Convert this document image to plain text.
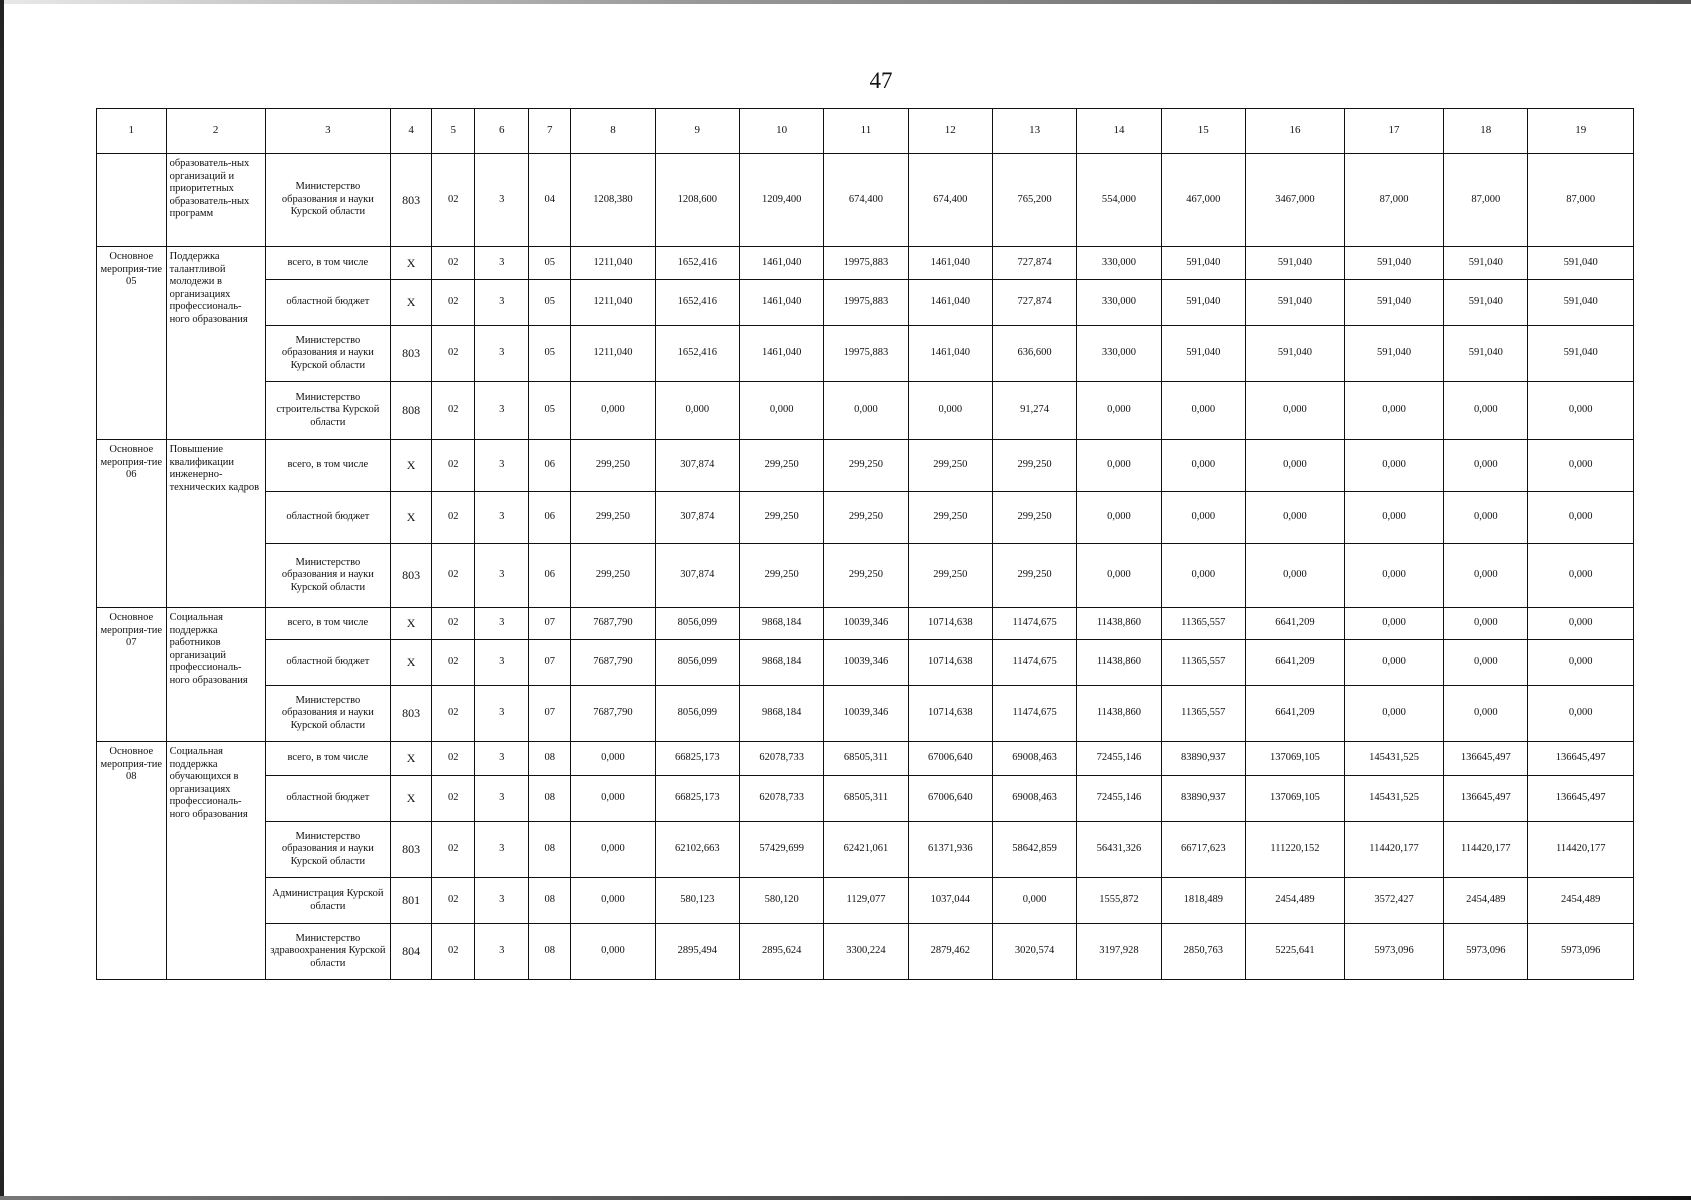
47
1	2	3	4	5	6	7	8	9	10	11	12	13	14	15	16	17	18	19
	образователь-ных организаций и приоритетных образователь-ных программ	Министерство образования и науки Курской области	803	02	3	04	1208,380	1208,600	1209,400	674,400	674,400	765,200	554,000	467,000	3467,000	87,000	87,000	87,000
Основное мероприя-тие 05	Поддержка талантливой молодежи в организациях профессиональ-ного образования	всего, в том числе	X	02	3	05	1211,040	1652,416	1461,040	19975,883	1461,040	727,874	330,000	591,040	591,040	591,040	591,040	591,040
		областной бюджет	X	02	3	05	1211,040	1652,416	1461,040	19975,883	1461,040	727,874	330,000	591,040	591,040	591,040	591,040	591,040
		Министерство образования и науки Курской области	803	02	3	05	1211,040	1652,416	1461,040	19975,883	1461,040	636,600	330,000	591,040	591,040	591,040	591,040	591,040
		Министерство строительства Курской области	808	02	3	05	0,000	0,000	0,000	0,000	0,000	91,274	0,000	0,000	0,000	0,000	0,000	0,000
Основное мероприя-тие 06	Повышение квалификации инженерно-технических кадров	всего, в том числе	X	02	3	06	299,250	307,874	299,250	299,250	299,250	299,250	0,000	0,000	0,000	0,000	0,000	0,000
		областной бюджет	X	02	3	06	299,250	307,874	299,250	299,250	299,250	299,250	0,000	0,000	0,000	0,000	0,000	0,000
		Министерство образования и науки Курской области	803	02	3	06	299,250	307,874	299,250	299,250	299,250	299,250	0,000	0,000	0,000	0,000	0,000	0,000
Основное мероприя-тие 07	Социальная поддержка работников организаций профессиональ-ного образования	всего, в том числе	X	02	3	07	7687,790	8056,099	9868,184	10039,346	10714,638	11474,675	11438,860	11365,557	6641,209	0,000	0,000	0,000
		областной бюджет	X	02	3	07	7687,790	8056,099	9868,184	10039,346	10714,638	11474,675	11438,860	11365,557	6641,209	0,000	0,000	0,000
		Министерство образования и науки Курской области	803	02	3	07	7687,790	8056,099	9868,184	10039,346	10714,638	11474,675	11438,860	11365,557	6641,209	0,000	0,000	0,000
Основное мероприя-тие 08	Социальная поддержка обучающихся в организациях профессиональ-ного образования	всего, в том числе	X	02	3	08	0,000	66825,173	62078,733	68505,311	67006,640	69008,463	72455,146	83890,937	137069,105	145431,525	136645,497	136645,497
		областной бюджет	X	02	3	08	0,000	66825,173	62078,733	68505,311	67006,640	69008,463	72455,146	83890,937	137069,105	145431,525	136645,497	136645,497
		Министерство образования и науки Курской области	803	02	3	08	0,000	62102,663	57429,699	62421,061	61371,936	58642,859	56431,326	66717,623	111220,152	114420,177	114420,177	114420,177
		Администрация Курской области	801	02	3	08	0,000	580,123	580,120	1129,077	1037,044	0,000	1555,872	1818,489	2454,489	3572,427	2454,489	2454,489
		Министерство здравоохранения Курской области	804	02	3	08	0,000	2895,494	2895,624	3300,224	2879,462	3020,574	3197,928	2850,763	5225,641	5973,096	5973,096	5973,096
